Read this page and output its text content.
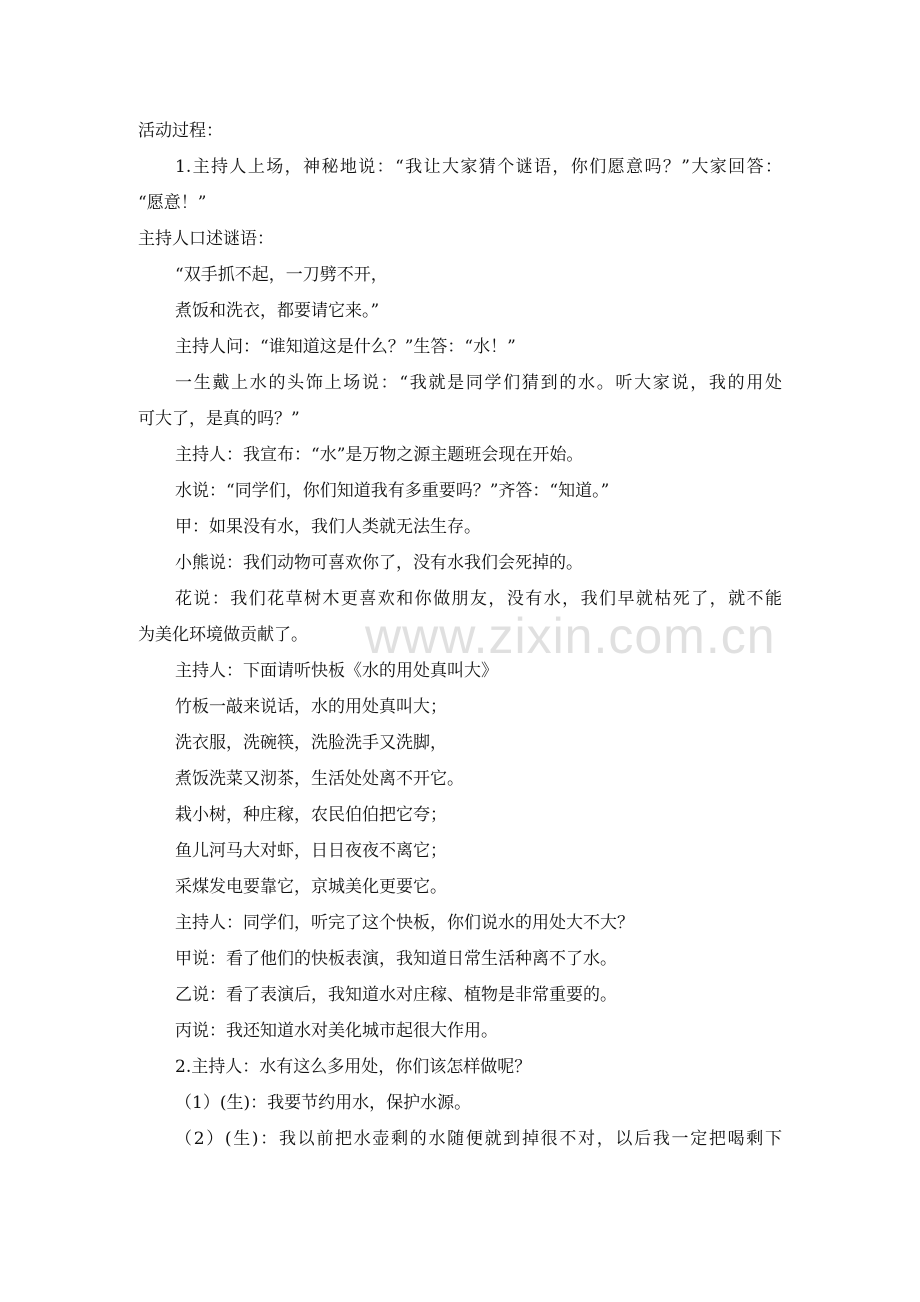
活动过程：
1.主持人上场，神秘地说：“我让大家猜个谜语，你们愿意吗？”大家回答：
“愿意！”
主持人口述谜语：
“双手抓不起，一刀劈不开，
煮饭和洗衣，都要请它来。”
主持人问：“谁知道这是什么？”生答：“水！”
一生戴上水的头饰上场说：“我就是同学们猜到的水。听大家说，我的用处
可大了，是真的吗？”
主持人：我宣布：“水”是万物之源主题班会现在开始。
水说：“同学们，你们知道我有多重要吗？”齐答：“知道。”
甲：如果没有水，我们人类就无法生存。
小熊说：我们动物可喜欢你了，没有水我们会死掉的。
花说：我们花草树木更喜欢和你做朋友，没有水，我们早就枯死了，就不能
为美化环境做贡献了。
主持人：下面请听快板《水的用处真叫大》
竹板一敲来说话，水的用处真叫大；
洗衣服，洗碗筷，洗脸洗手又洗脚，
煮饭洗菜又沏茶，生活处处离不开它。
栽小树，种庄稼，农民伯伯把它夸；
鱼儿河马大对虾，日日夜夜不离它；
采煤发电要靠它，京城美化更要它。
主持人：同学们，听完了这个快板，你们说水的用处大不大？
甲说：看了他们的快板表演，我知道日常生活种离不了水。
乙说：看了表演后，我知道水对庄稼、植物是非常重要的。
丙说：我还知道水对美化城市起很大作用。
2.主持人：水有这么多用处，你们该怎样做呢？
（1）(生)：我要节约用水，保护水源。
（2）(生)：我以前把水壶剩的水随便就到掉很不对，以后我一定把喝剩下
www.zixin.com.cn
